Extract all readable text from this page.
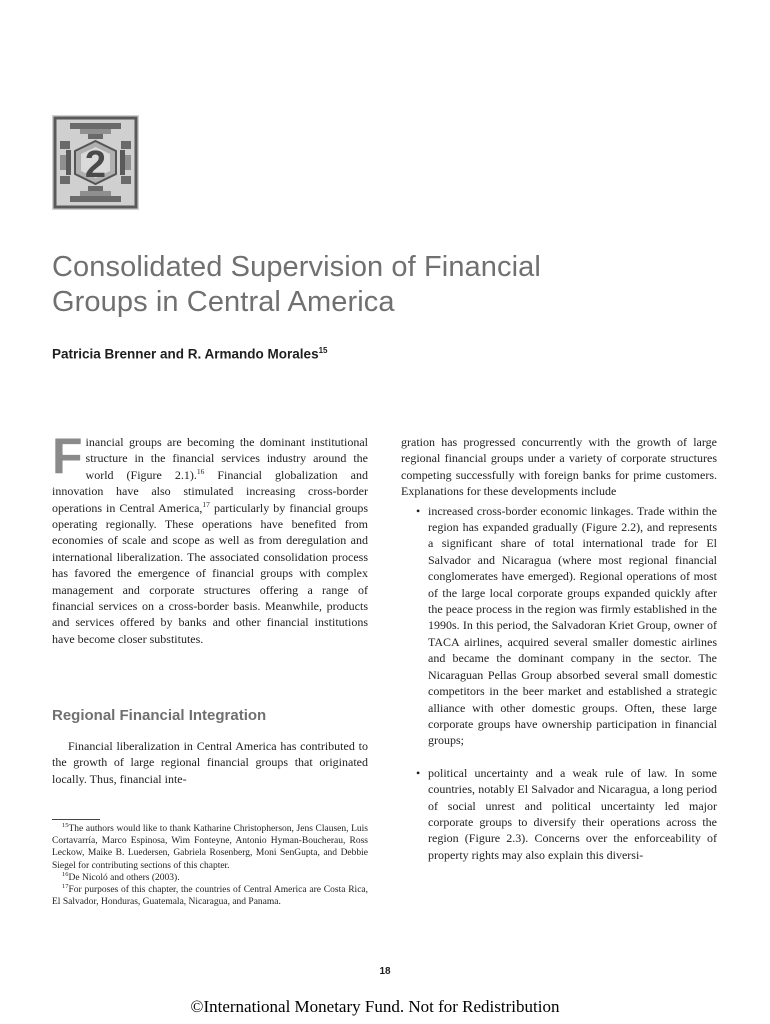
2
Consolidated Supervision of Financial
Groups in Central America

Patricia Brenner and R. Armando Morales$^{15}$

Financial groups are becoming the dominant institutional structure in the financial services industry around the world (Figure 2.1).$^{16}$ Financial globalization and innovation have also stimulated increasing cross-border operations in Central America,$^{17}$ particularly by financial groups operating regionally. These operations have benefited from economies of scale and scope as well as from deregulation and international liberalization. The associated consolidation process has favored the emergence of financial groups with complex management and corporate structures offering a range of financial services on a cross-border basis. Meanwhile, products and services offered by banks and other financial institutions have become closer substitutes.

Regional Financial Integration

Financial liberalization in Central America has contributed to the growth of large regional financial groups that originated locally. Thus, financial inte-

$^{15}$The authors would like to thank Katharine Christopherson, Jens Clausen, Luis Cortavarría, Marco Espinosa, Wim Fonteyne, Antonio Hyman-Boucherau, Ross Leckow, Maike B. Luedersen, Gabriela Rosenberg, Moni SenGupta, and Debbie Siegel for contributing sections of this chapter.

$^{16}$De Nicoló and others (2003).

$^{17}$For purposes of this chapter, the countries of Central America are Costa Rica, El Salvador, Honduras, Guatemala, Nicaragua, and Panama.

gration has progressed concurrently with the growth of large regional financial groups under a variety of corporate structures competing successfully with foreign banks for prime customers. Explanations for these developments include

• increased cross-border economic linkages. Trade within the region has expanded gradually (Figure 2.2), and represents a significant share of total international trade for El Salvador and Nicaragua (where most regional financial conglomerates have emerged). Regional operations of most of the large local corporate groups expanded quickly after the peace process in the region was firmly established in the 1990s. In this period, the Salvadoran Kriet Group, owner of TACA airlines, acquired several smaller domestic airlines and became the dominant company in the sector. The Nicaraguan Pellas Group absorbed several small domestic competitors in the beer market and established a strategic alliance with other domestic groups. Often, these large corporate groups have ownership participation in financial groups;
• political uncertainty and a weak rule of law. In some countries, notably El Salvador and Nicaragua, a long period of social unrest and political uncertainty led major corporate groups to diversify their operations across the region (Figure 2.3). Concerns over the enforceability of property rights may also explain this diversi-
18
©International Monetary Fund. Not for Redistribution
